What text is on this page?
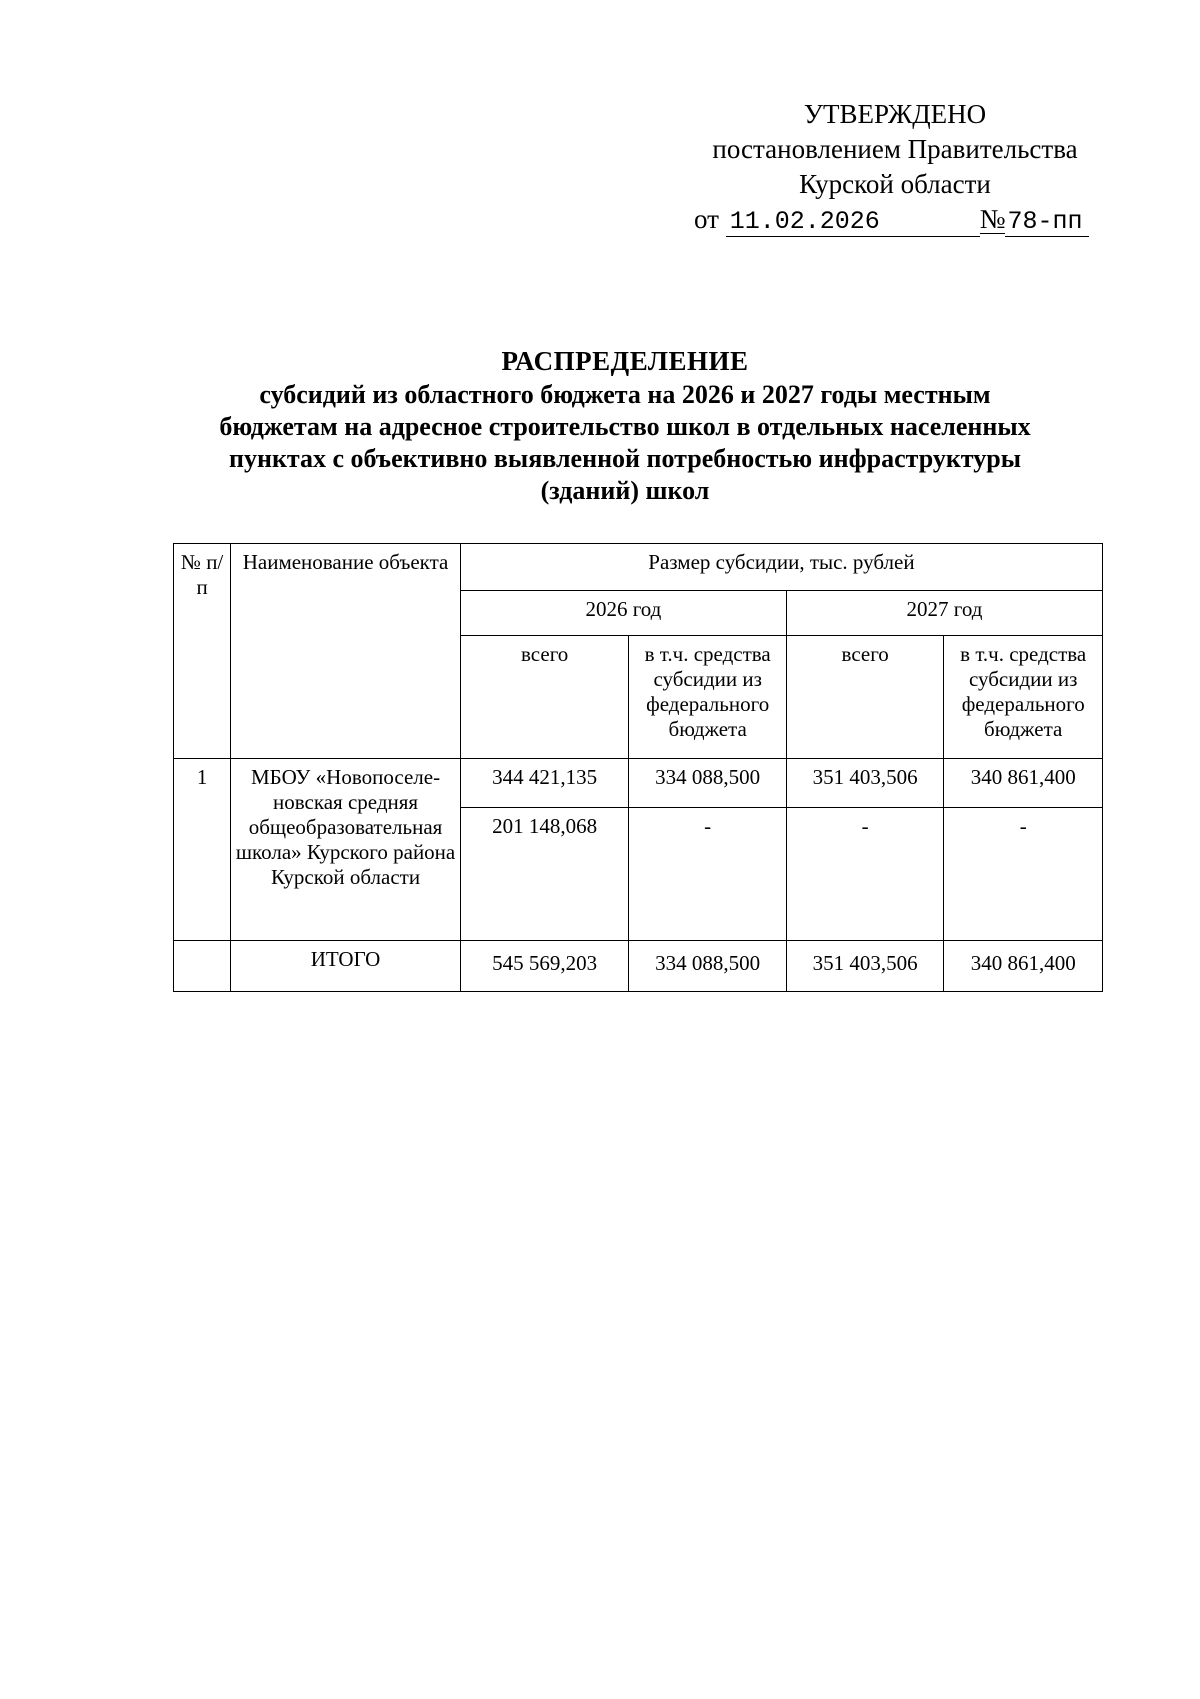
УТВЕРЖДЕНО
постановлением Правительства
Курской области
от 11.02.2026	№78-пп
РАСПРЕДЕЛЕНИЕ
субсидий из областного бюджета на 2026 и 2027 годы местным
бюджетам на адресное строительство школ в отдельных населенных
пунктах с объективно выявленной потребностью инфраструктуры
(зданий) школ
№ п/п	Наименование объекта	Размер субсидии, тыс. рублей			
		2026 год		2027 год	
		всего	в т.ч. средства субсидии из федерального бюджета	всего	в т.ч. средства субсидии из федерального бюджета
1	МБОУ «Новопоселе-новская средняя общеобразовательная школа» Курского района Курской области	344 421,135	334 088,500	351 403,506	340 861,400
		201 148,068	-	-	-
	ИТОГО	545 569,203	334 088,500	351 403,506	340 861,400
